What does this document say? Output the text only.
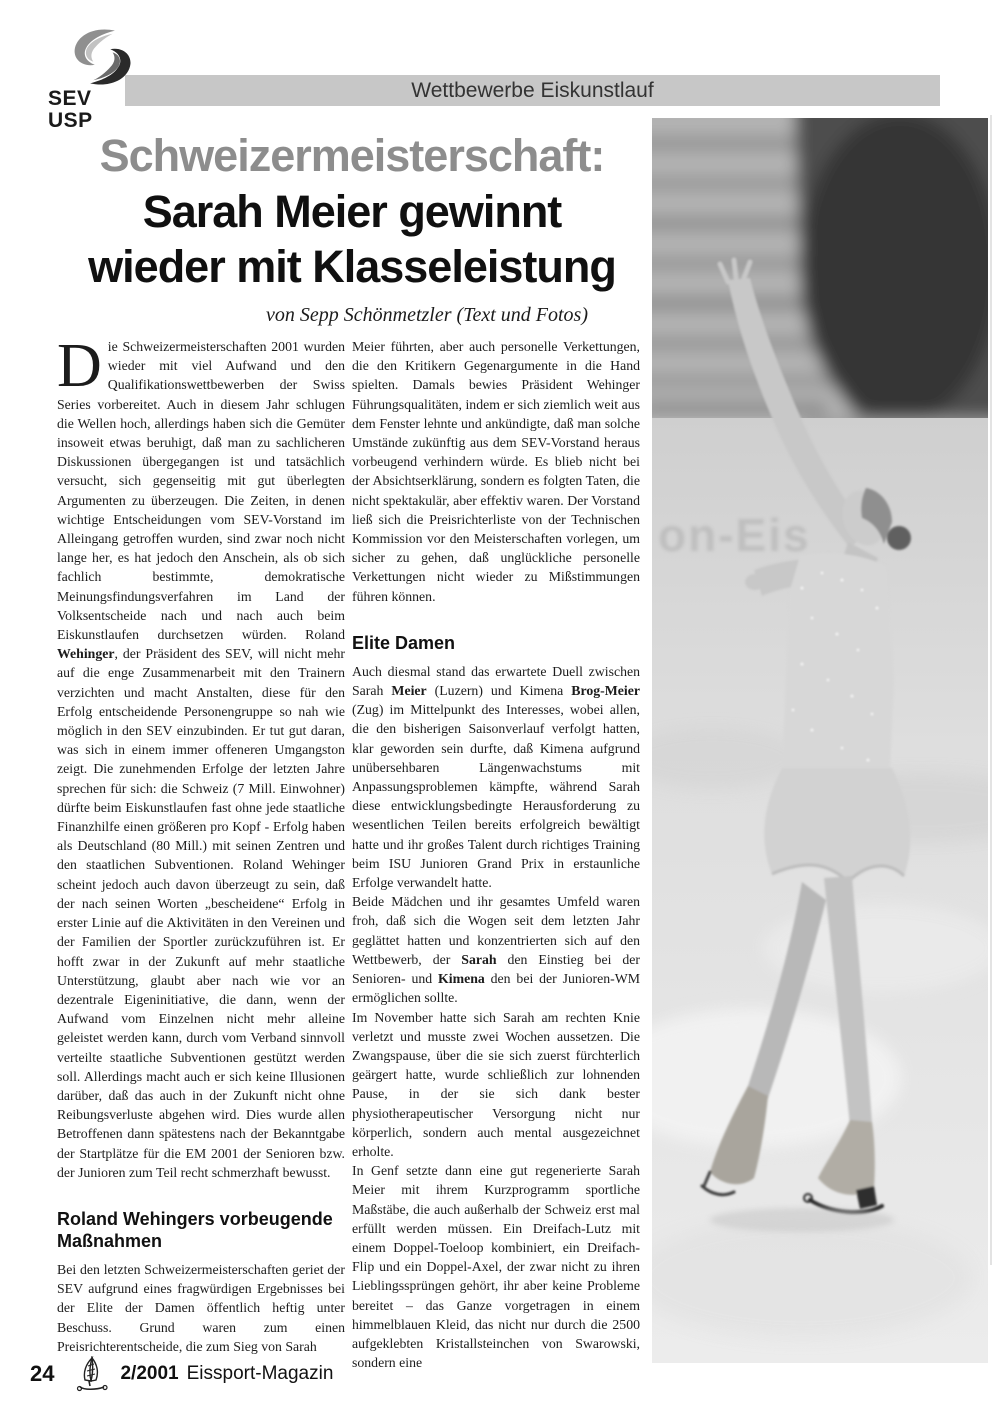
SEV
USP
Wettbewerbe Eiskunstlauf
Schweizermeisterschaft:
Sarah Meier gewinnt
wieder mit Klasseleistung
von Sepp Schönmetzler (Text und Fotos)

Die Schweizermeisterschaften 2001 wurden wieder mit viel Aufwand und den Qualifikationswettbewerben der Swiss Series vorbereitet. Auch in diesem Jahr schlugen die Wellen hoch, allerdings haben sich die Gemüter insoweit etwas beruhigt, daß man zu sachlicheren Diskussionen übergegangen ist und tatsächlich versucht, sich gegenseitig mit gut überlegten Argumenten zu überzeugen. Die Zeiten, in denen wichtige Entscheidungen vom SEV-Vorstand im Alleingang getroffen wurden, sind zwar noch nicht lange her, es hat jedoch den Anschein, als ob sich fachlich bestimmte, demokratische Meinungsfindungsverfahren im Land der Volksentscheide nach und nach auch beim Eiskunstlaufen durchsetzen würden. Roland Wehinger, der Präsident des SEV, will nicht mehr auf die enge Zusammenarbeit mit den Trainern verzichten und macht Anstalten, diese für den Erfolg entscheidende Personengruppe so nah wie möglich in den SEV einzubinden. Er tut gut daran, was sich in einem immer offeneren Umgangston zeigt. Die zunehmenden Erfolge der letzten Jahre sprechen für sich: die Schweiz (7 Mill. Einwohner) dürfte beim Eiskunstlaufen fast ohne jede staatliche Finanzhilfe einen größeren pro Kopf - Erfolg haben als Deutschland (80 Mill.) mit seinen Zentren und den staatlichen Subventionen. Roland Wehinger scheint jedoch auch davon überzeugt zu sein, daß der nach seinen Worten „bescheidene“ Erfolg in erster Linie auf die Aktivitäten in den Vereinen und der Familien der Sportler zurückzuführen ist. Er hofft zwar in der Zukunft auf mehr staatliche Unterstützung, glaubt aber nach wie vor an dezentrale Eigeninitiative, die dann, wenn der Aufwand vom Einzelnen nicht mehr alleine geleistet werden kann, durch vom Verband sinnvoll verteilte staatliche Subventionen gestützt werden soll. Allerdings macht auch er sich keine Illusionen darüber, daß das auch in der Zukunft nicht ohne Reibungsverluste abgehen wird. Dies wurde allen Betroffenen dann spätestens nach der Bekanntgabe der Startplätze für die EM 2001 der Senioren bzw. der Junioren zum Teil recht schmerzhaft bewusst.

Roland Wehingers vorbeugende Maßnahmen

Bei den letzten Schweizermeisterschaften geriet der SEV aufgrund eines fragwürdigen Ergebnisses bei der Elite der Damen öffentlich heftig unter Beschuss. Grund waren zum einen Preisrichterentscheide, die zum Sieg von Sarah

Meier führten, aber auch personelle Verkettungen, die den Kritikern Gegenargumente in die Hand spielten. Damals bewies Präsident Wehinger Führungsqualitäten, indem er sich ziemlich weit aus dem Fenster lehnte und ankündigte, daß man solche Umstände zukünftig aus dem SEV-Vorstand heraus vorbeugend verhindern würde. Es blieb nicht bei der Absichtserklärung, sondern es folgten Taten, die nicht spektakulär, aber effektiv waren. Der Vorstand ließ sich die Preisrichterliste von der Technischen Kommission vor den Meisterschaften vorlegen, um sicher zu gehen, daß unglückliche personelle Verkettungen nicht wieder zu Mißstimmungen führen können.

Elite Damen

Auch diesmal stand das erwartete Duell zwischen Sarah Meier (Luzern) und Kimena Brog-Meier (Zug) im Mittelpunkt des Interesses, wobei allen, die den bisherigen Saisonverlauf verfolgt hatten, klar geworden sein durfte, daß Kimena aufgrund unübersehbaren Längenwachstums mit Anpassungsproblemen kämpfte, während Sarah diese entwicklungsbedingte Herausforderung zu wesentlichen Teilen bereits erfolgreich bewältigt hatte und ihr großes Talent durch richtiges Training beim ISU Junioren Grand Prix in erstaunliche Erfolge verwandelt hatte.

Beide Mädchen und ihr gesamtes Umfeld waren froh, daß sich die Wogen seit dem letzten Jahr geglättet hatten und konzentrierten sich auf den Wettbewerb, der Sarah den Einstieg bei der Senioren- und Kimena den bei der Junioren-WM ermöglichen sollte.

Im November hatte sich Sarah am rechten Knie verletzt und musste zwei Wochen aussetzen. Die Zwangspause, über die sie sich zuerst fürchterlich geärgert hatte, wurde schließlich zur lohnenden Pause, in der sie sich dank bester physiotherapeutischer Versorgung nicht nur körperlich, sondern auch mental ausgezeichnet erholte.

In Genf setzte dann eine gut regenerierte Sarah Meier mit ihrem Kurzprogramm sportliche Maßstäbe, die auch außerhalb der Schweiz erst mal erfüllt werden müssen. Ein Dreifach-Lutz mit einem Doppel-Toeloop kombiniert, ein Dreifach-Flip und ein Doppel-Axel, der zwar nicht zu ihren Lieblingssprüngen gehört, ihr aber keine Probleme bereitet – das Ganze vorgetragen in einem himmelblauen Kleid, das nicht nur durch die 2500 aufgeklebten Kristallsteinchen von Swarowski, sondern eine

on-Eis
24	2/2001 Eissport-Magazin
